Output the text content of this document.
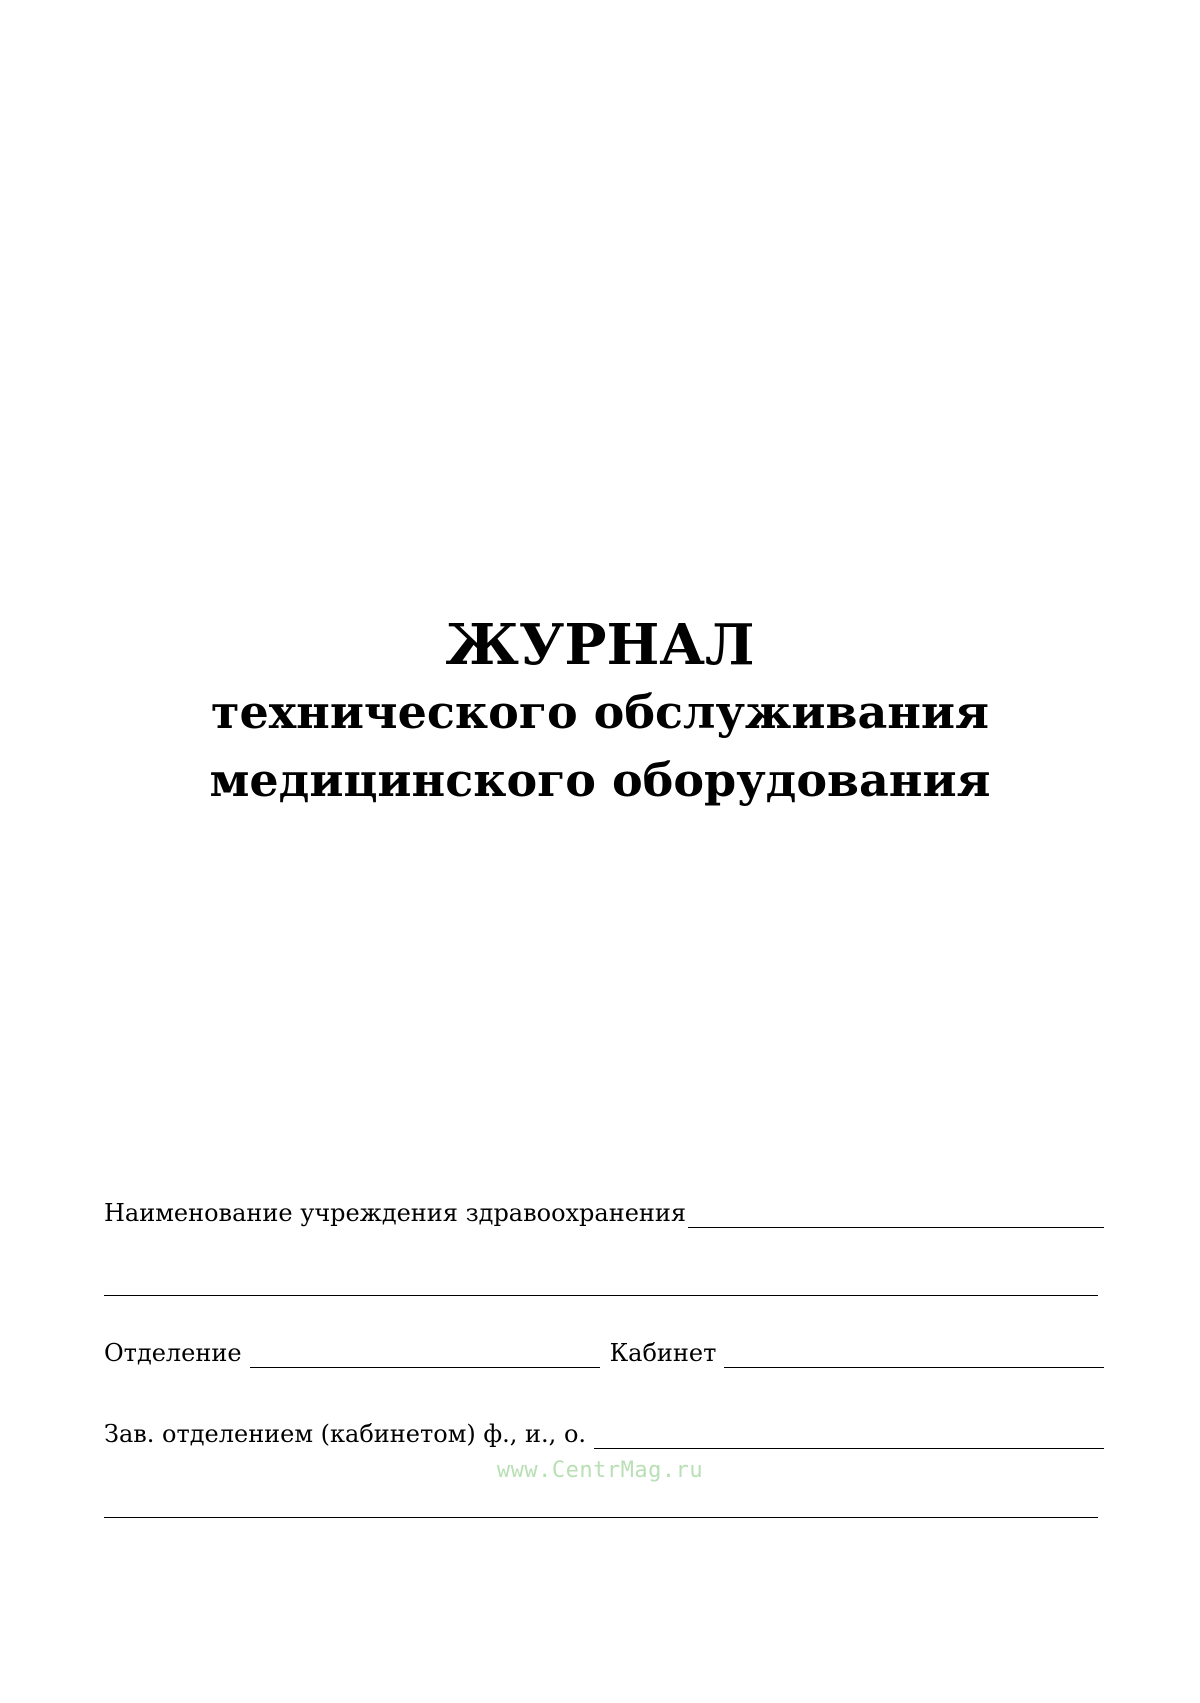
ЖУРНАЛ
технического обслуживания
медицинского оборудования
Наименование учреждения здравоохранения
Отделение	Кабинет
Зав. отделением (кабинетом) ф., и., о.
www.CentrMag.ru
